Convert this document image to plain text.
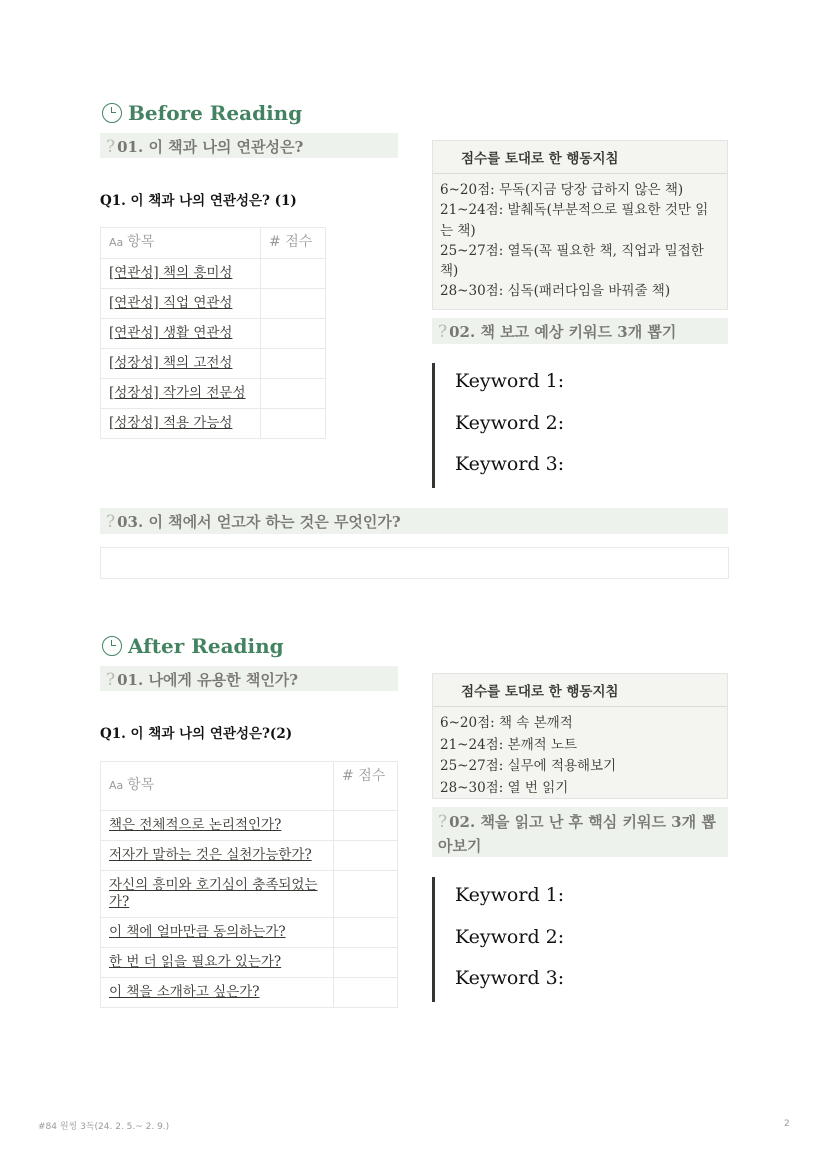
Before Reading
? 01. 이 책과 나의 연관성은?
Q1. 이 책과 나의 연관성은? (1)
Aa 항목	# 점수
[연관성] 책의 흥미성	
[연관성] 직업 연관성	
[연관성] 생활 연관성	
[성장성] 책의 고전성	
[성장성] 작가의 전문성	
[성장성] 적용 가능성	
점수를 토대로 한 행동지침
6~20점: 무독(지금 당장 급하지 않은 책)
21~24점: 발췌독(부분적으로 필요한 것만 읽는 책)
25~27점: 열독(꼭 필요한 책, 직업과 밀접한 책)
28~30점: 심독(패러다임을 바꿔줄 책)
? 02. 책 보고 예상 키워드 3개 뽑기
Keyword 1:
Keyword 2:
Keyword 3:
? 03. 이 책에서 얻고자 하는 것은 무엇인가?
After Reading
? 01. 나에게 유용한 책인가?
Q1. 이 책과 나의 연관성은?(2)
Aa 항목	# 점수
책은 전체적으로 논리적인가?	
저자가 말하는 것은 실천가능한가?	
자신의 흥미와 호기심이 충족되었는가?	
이 책에 얼마만큼 동의하는가?	
한 번 더 읽을 필요가 있는가?	
이 책을 소개하고 싶은가?	
점수를 토대로 한 행동지침
6~20점: 책 속 본깨적
21~24점: 본깨적 노트
25~27점: 실무에 적용해보기
28~30점: 열 번 읽기
? 02. 책을 읽고 난 후 핵심 키워드 3개 뽑아보기
Keyword 1:
Keyword 2:
Keyword 3:
#84 원씽 3독(24. 2. 5.~ 2. 9.)	2
